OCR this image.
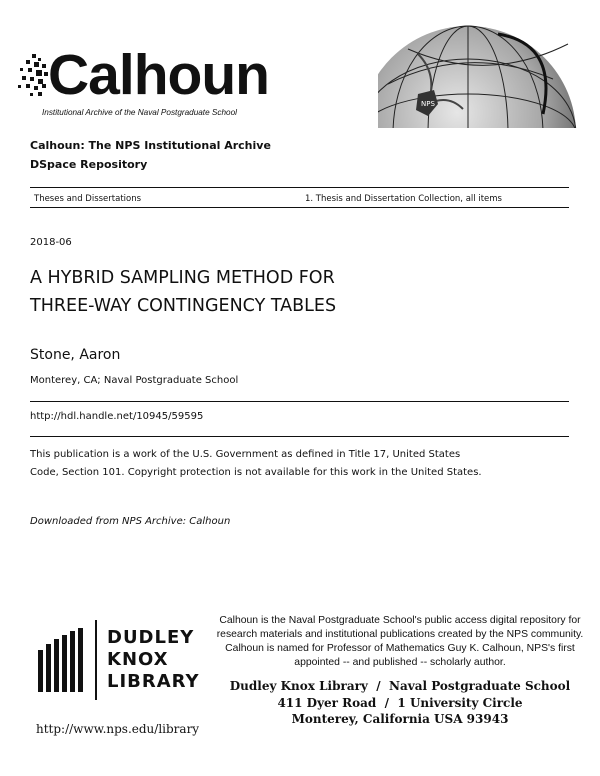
Calhoun
Institutional Archive of the Naval Postgraduate School
NPS
Calhoun: The NPS Institutional Archive
DSpace Repository
Theses and Dissertations	1. Thesis and Dissertation Collection, all items
2018-06
A HYBRID SAMPLING METHOD FOR
THREE-WAY CONTINGENCY TABLES
Stone, Aaron
Monterey, CA; Naval Postgraduate School
http://hdl.handle.net/10945/59595
This publication is a work of the U.S. Government as defined in Title 17, United States Code, Section 101. Copyright protection is not available for this work in the United States.
Downloaded from NPS Archive: Calhoun
DUDLEY
KNOX
LIBRARY
Calhoun is the Naval Postgraduate School's public access digital repository for
research materials and institutional publications created by the NPS community.
Calhoun is named for Professor of Mathematics Guy K. Calhoun, NPS's first
appointed -- and published -- scholarly author.
Dudley Knox Library  /  Naval Postgraduate School
411 Dyer Road  /  1 University Circle
Monterey, California USA 93943
http://www.nps.edu/library
